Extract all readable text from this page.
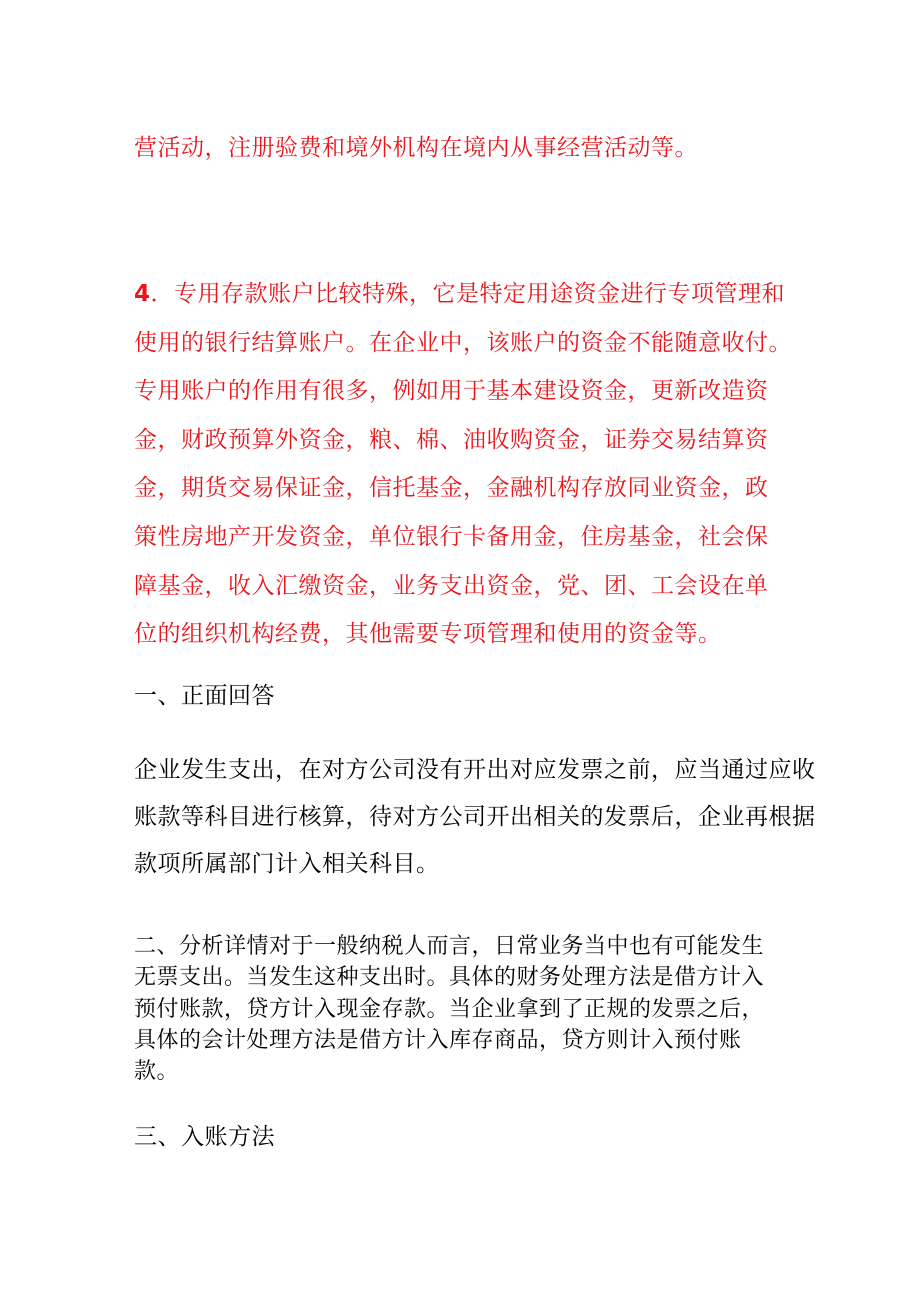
营活动，注册验费和境外机构在境内从事经营活动等。
4．专用存款账户比较特殊，它是特定用途资金进行专项管理和
使用的银行结算账户。在企业中，该账户的资金不能随意收付。
专用账户的作用有很多，例如用于基本建设资金，更新改造资
金，财政预算外资金，粮、棉、油收购资金，证券交易结算资
金，期货交易保证金，信托基金，金融机构存放同业资金，政
策性房地产开发资金，单位银行卡备用金，住房基金，社会保
障基金，收入汇缴资金，业务支出资金，党、团、工会设在单
位的组织机构经费，其他需要专项管理和使用的资金等。
一、正面回答
企业发生支出，在对方公司没有开出对应发票之前，应当通过应收
账款等科目进行核算，待对方公司开出相关的发票后，企业再根据
款项所属部门计入相关科目。
二、分析详情对于一般纳税人而言，日常业务当中也有可能发生
无票支出。当发生这种支出时。具体的财务处理方法是借方计入
预付账款，贷方计入现金存款。当企业拿到了正规的发票之后，
具体的会计处理方法是借方计入库存商品，贷方则计入预付账
款。
三、入账方法
